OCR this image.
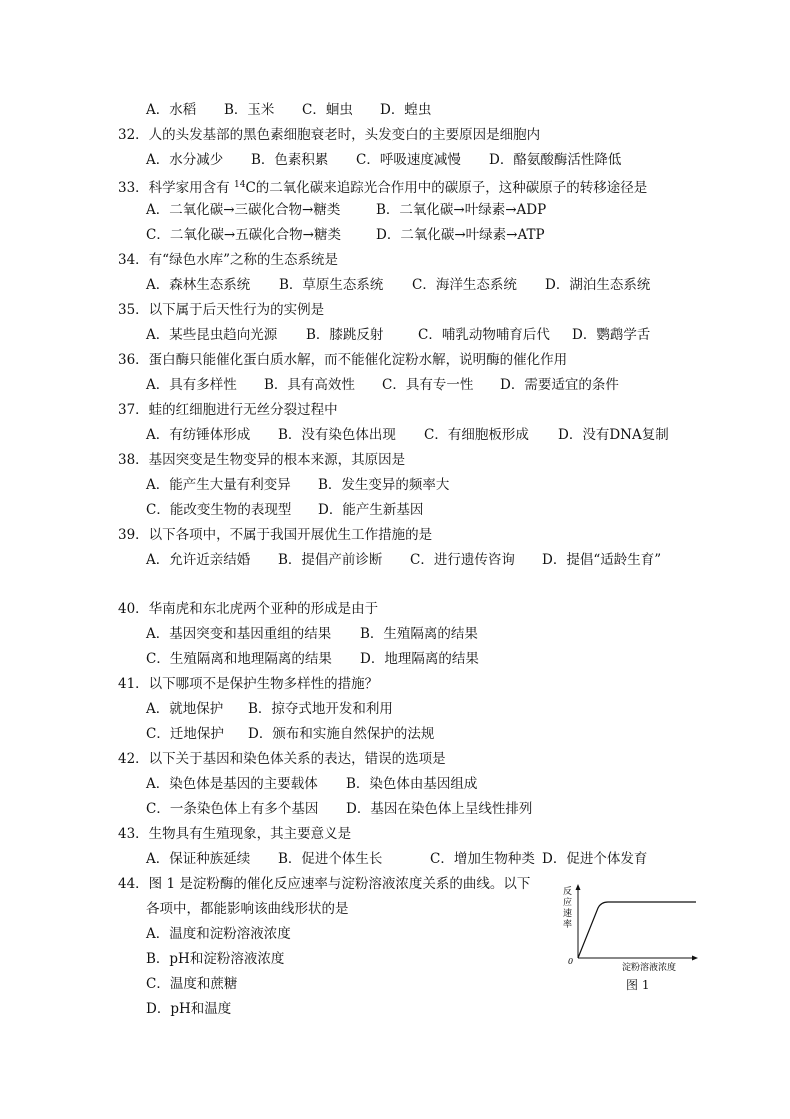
A．水稻 B．玉米 C．蛔虫 D．蝗虫
32．人的头发基部的黑色素细胞衰老时，头发变白的主要原因是细胞内
A．水分减少 B．色素积累 C．呼吸速度减慢 D．酪氨酸酶活性降低
33．科学家用含有 $^{14}$C的二氧化碳来追踪光合作用中的碳原子，这种碳原子的转移途径是
A．二氧化碳→三碳化合物→糖类	B．二氧化碳→叶绿素→ADP
C．二氧化碳→五碳化合物→糖类	D．二氧化碳→叶绿素→ATP
34．有“绿色水库”之称的生态系统是
A．森林生态系统 B．草原生态系统 C．海洋生态系统 D．湖泊生态系统
35．以下属于后天性行为的实例是
A．某些昆虫趋向光源 B．膝跳反射	C．哺乳动物哺育后代 D．鹦鹉学舌
36．蛋白酶只能催化蛋白质水解，而不能催化淀粉水解，说明酶的催化作用
A．具有多样性 B．具有高效性 C．具有专一性 D．需要适宜的条件
37．蛙的红细胞进行无丝分裂过程中
A．有纺锤体形成 B．没有染色体出现 C．有细胞板形成 D．没有DNA复制
38．基因突变是生物变异的根本来源，其原因是
A．能产生大量有利变异 B．发生变异的频率大
C．能改变生物的表现型 D．能产生新基因
39．以下各项中，不属于我国开展优生工作措施的是
A．允许近亲结婚 B．提倡产前诊断 C．进行遗传咨询 D．提倡“适龄生育”
40．华南虎和东北虎两个亚种的形成是由于
A．基因突变和基因重组的结果 B．生殖隔离的结果
C．生殖隔离和地理隔离的结果 D．地理隔离的结果
41．以下哪项不是保护生物多样性的措施？
A．就地保护 B．掠夺式地开发和利用
C．迁地保护 D．颁布和实施自然保护的法规
42．以下关于基因和染色体关系的表达，错误的选项是
A．染色体是基因的主要载体 B．染色体由基因组成
C．一条染色体上有多个基因 D．基因在染色体上呈线性排列
43．生物具有生殖现象，其主要意义是
A．保证种族延续 B．促进个体生长	C．增加生物种类 D．促进个体发育
44．图 1 是淀粉酶的催化反应速率与淀粉溶液浓度关系的曲线。以下
各项中，都能影响该曲线形状的是
A．温度和淀粉溶液浓度
B．pH和淀粉溶液浓度
C．温度和蔗糖
D．pH和温度
反
应
速
率
0
淀粉溶液浓度
图 1
